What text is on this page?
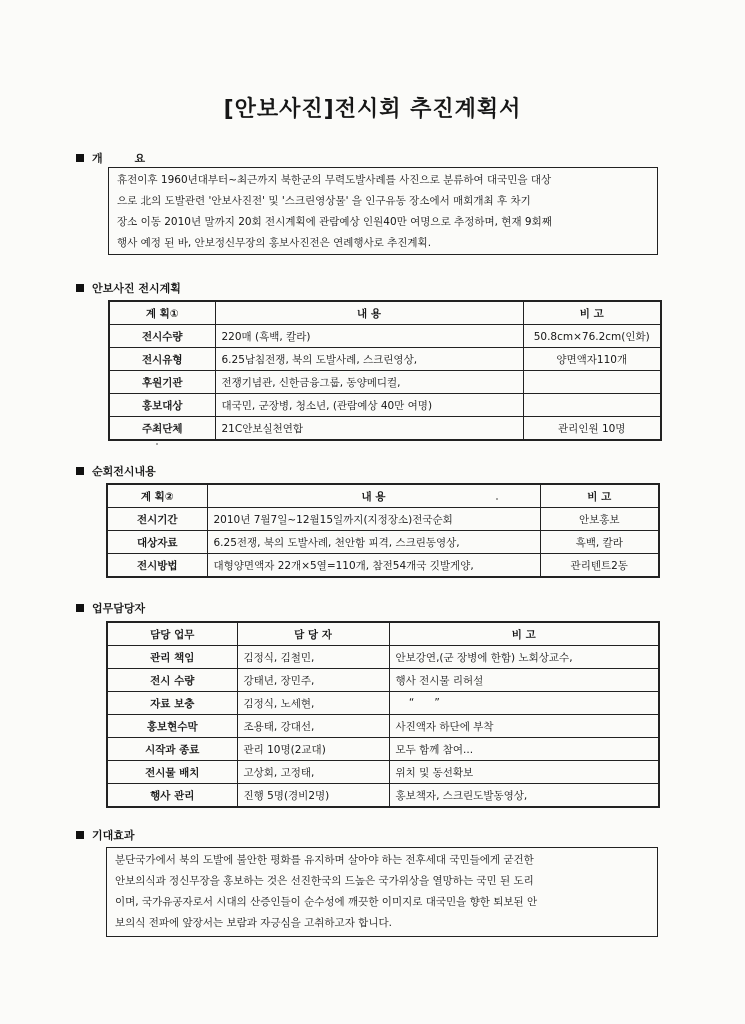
[안보사진]전시회 추진계획서
개 요
휴전이후 1960년대부터~최근까지 북한군의 무력도발사례를 사진으로 분류하여 대국민을 대상
으로 北의 도발관련 '안보사진전' 및 '스크린영상물' 을 인구유동 장소에서 매회개최 후 차기
장소 이동 2010년 말까지 20회 전시계획에 관람예상 인원40만 여명으로 추정하며, 현재 9회째
행사 예정 된 바, 안보정신무장의 홍보사진전은 연례행사로 추진계획.
안보사진 전시계획
계 획①	내 용	비 고
전시수량	220매 (흑백, 칼라)	50.8cm×76.2cm(인화)
전시유형	6.25남침전쟁, 북의 도발사례, 스크린영상,	양면액자110개
후원기관	전쟁기념관, 신한금융그룹, 동양메디컬,	
홍보대상	대국민, 군장병, 청소년, (관람예상 40만 여명)	
주최단체	21C안보실천연합	관리인원 10명
순회전시내용
계 획②	내 용	비 고
전시기간	2010년 7월7일~12월15일까지(지정장소)전국순회	안보홍보
대상자료	6.25전쟁, 북의 도발사례, 천안함 피격, 스크린동영상,	흑백, 칼라
전시방법	대형양면액자 22개×5열=110개, 참전54개국 깃발게양,	관리텐트2동
업무담당자
담당 업무	담 당 자	비 고
관리 책임	김정식, 김철민,	안보강연,(군 장병에 한함) 노회상교수,
전시 수량	강태년, 장민주,	행사 전시물 리허설
자료 보충	김정식, 노세현,	“      ”
홍보현수막	조용태, 강대선,	사진액자 하단에 부착
시작과 종료	관리 10명(2교대)	모두 함께 참여...
전시물 배치	고상회, 고정태,	위치 및 동선확보
행사 관리	진행 5명(경비2명)	홍보책자, 스크린도발동영상,
기대효과
분단국가에서 북의 도발에 불안한 평화를 유지하며 살아야 하는 전후세대 국민들에게 굳건한
안보의식과 정신무장을 홍보하는 것은 선진한국의 드높은 국가위상을 열망하는 국민 된 도리
이며, 국가유공자로서 시대의 산증인들이 순수성에 깨끗한 이미지로 대국민을 향한 퇴보된 안
보의식 전파에 앞장서는 보람과 자긍심을 고취하고자 합니다.
